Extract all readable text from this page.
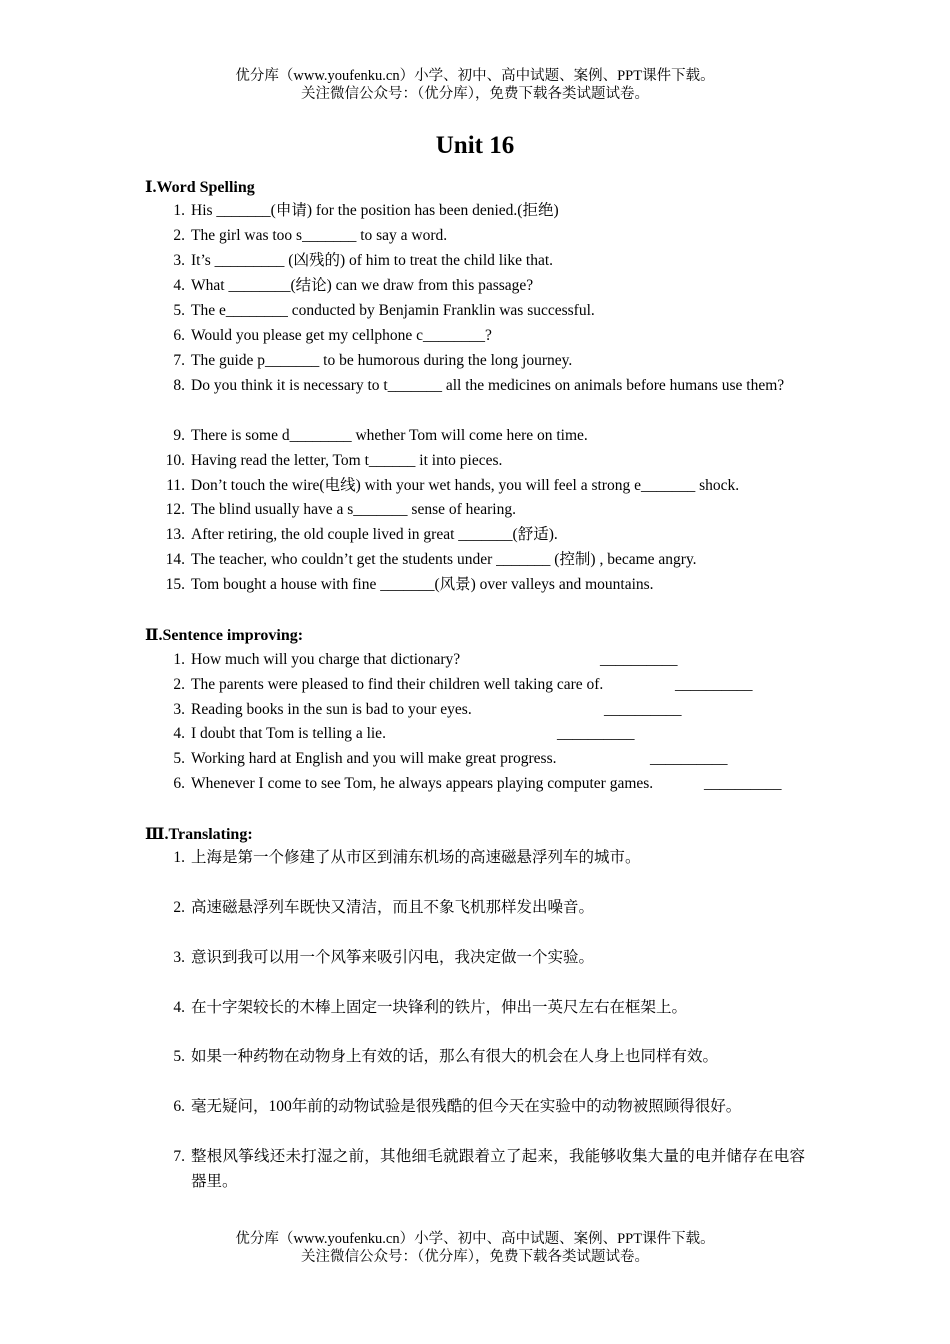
优分库（www.youfenku.cn）小学、初中、高中试题、案例、PPT课件下载。
关注微信公众号：（优分库），免费下载各类试题试卷。
Unit 16
Ⅰ.Word Spelling
1. His _______(申请) for the position has been denied.(拒绝)
2. The girl was too s_______ to say a word.
3. It’s _________ (凶残的) of him to treat the child like that.
4. What ________(结论) can we draw from this passage?
5. The e________ conducted by Benjamin Franklin was successful.
6. Would you please get my cellphone c________?
7. The guide p_______ to be humorous during the long journey.
8. Do you think it is necessary to t_______ all the medicines on animals before humans use them?
9. There is some d________ whether Tom will come here on time.
10. Having read the letter, Tom t______ it into pieces.
11. Don’t touch the wire(电线) with your wet hands, you will feel a strong e_______ shock.
12. The blind usually have a s_______ sense of hearing.
13. After retiring, the old couple lived in great _______(舒适).
14. The teacher, who couldn’t get the students under _______ (控制) , became angry.
15. Tom bought a house with fine _______(风景) over valleys and mountains.
Ⅱ.Sentence improving:
1. How much will you charge that dictionary?	__________
2. The parents were pleased to find their children well taking care of.	__________
3. Reading books in the sun is bad to your eyes.	__________
4. I doubt that Tom is telling a lie.	__________
5. Working hard at English and you will make great progress.	__________
6. Whenever I come to see Tom, he always appears playing computer games.	__________
Ⅲ.Translating:
1. 上海是第一个修建了从市区到浦东机场的高速磁悬浮列车的城市。
2. 高速磁悬浮列车既快又清洁，而且不象飞机那样发出噪音。
3. 意识到我可以用一个风筝来吸引闪电，我决定做一个实验。
4. 在十字架较长的木棒上固定一块锋利的铁片，伸出一英尺左右在框架上。
5. 如果一种药物在动物身上有效的话，那么有很大的机会在人身上也同样有效。
6. 毫无疑问，100年前的动物试验是很残酷的但今天在实验中的动物被照顾得很好。
7. 整根风筝线还未打湿之前，其他细毛就跟着立了起来，我能够收集大量的电并储存在电容器里。
优分库（www.youfenku.cn）小学、初中、高中试题、案例、PPT课件下载。
关注微信公众号：（优分库），免费下载各类试题试卷。
